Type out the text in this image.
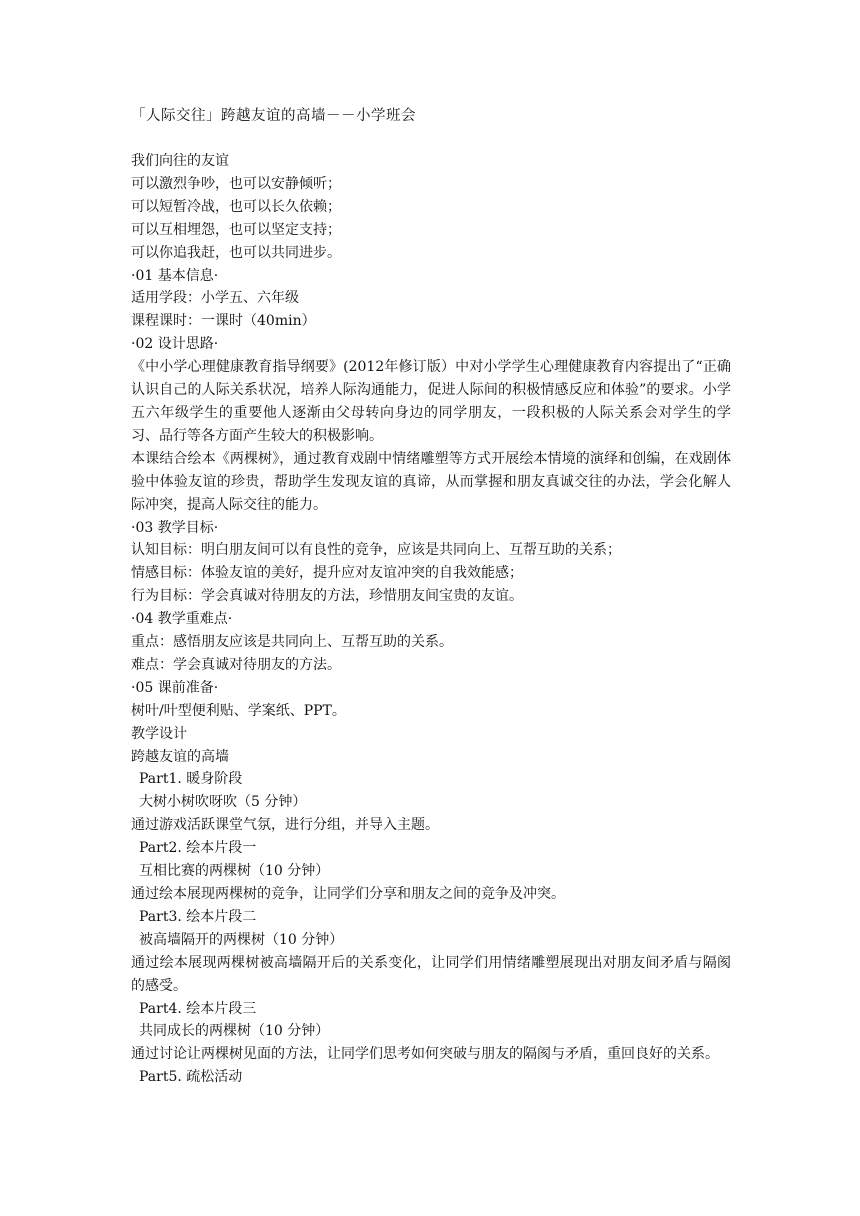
「人际交往」跨越友谊的高墙－－小学班会
我们向往的友谊
可以激烈争吵，也可以安静倾听；
可以短暂冷战，也可以长久依赖；
可以互相埋怨，也可以坚定支持；
可以你追我赶，也可以共同进步。
·01 基本信息·
适用学段：小学五、六年级
课程课时：一课时（40min）
·02 设计思路·
《中小学心理健康教育指导纲要》(2012年修订版）中对小学学生心理健康教育内容提出了“正确认识自己的人际关系状况，培养人际沟通能力，促进人际间的积极情感反应和体验”的要求。小学五六年级学生的重要他人逐渐由父母转向身边的同学朋友，一段积极的人际关系会对学生的学习、品行等各方面产生较大的积极影响。
本课结合绘本《两棵树》，通过教育戏剧中情绪雕塑等方式开展绘本情境的演绎和创编，在戏剧体验中体验友谊的珍贵，帮助学生发现友谊的真谛，从而掌握和朋友真诚交往的办法，学会化解人际冲突，提高人际交往的能力。
·03 教学目标·
认知目标：明白朋友间可以有良性的竞争，应该是共同向上、互帮互助的关系；
情感目标：体验友谊的美好，提升应对友谊冲突的自我效能感；
行为目标：学会真诚对待朋友的方法，珍惜朋友间宝贵的友谊。
·04 教学重难点·
重点：感悟朋友应该是共同向上、互帮互助的关系。
难点：学会真诚对待朋友的方法。
·05 课前准备·
树叶/叶型便利贴、学案纸、PPT。
教学设计
跨越友谊的高墙
Part1. 暖身阶段
大树小树吹呀吹（5 分钟）
通过游戏活跃课堂气氛，进行分组，并导入主题。
Part2. 绘本片段一
互相比赛的两棵树（10 分钟）
通过绘本展现两棵树的竞争，让同学们分享和朋友之间的竞争及冲突。
Part3. 绘本片段二
被高墙隔开的两棵树（10 分钟）
通过绘本展现两棵树被高墙隔开后的关系变化，让同学们用情绪雕塑展现出对朋友间矛盾与隔阂的感受。
Part4. 绘本片段三
共同成长的两棵树（10 分钟）
通过讨论让两棵树见面的方法，让同学们思考如何突破与朋友的隔阂与矛盾，重回良好的关系。
Part5. 疏松活动
